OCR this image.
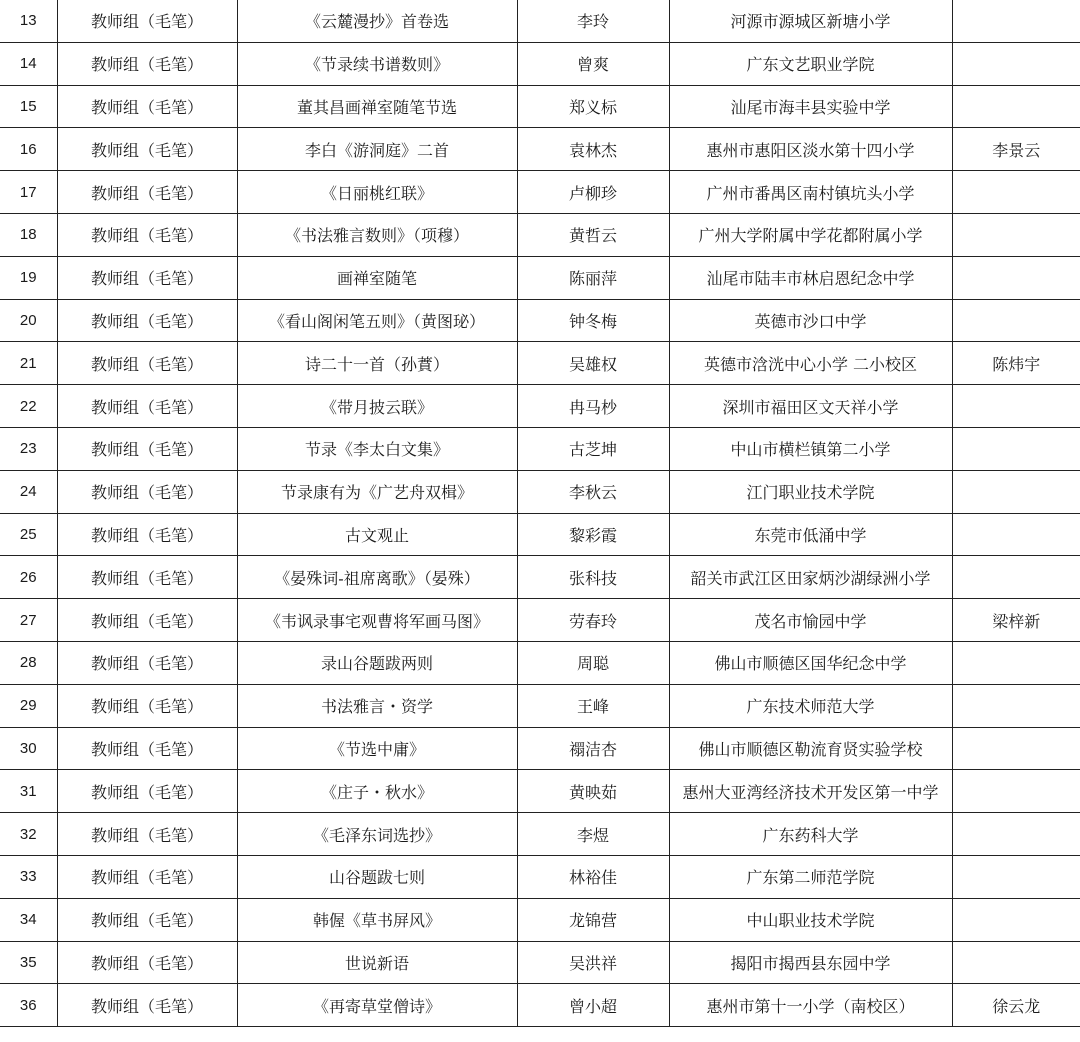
13	教师组（毛笔）	《云麓漫抄》首卷选	李玲	河源市源城区新塘小学	
14	教师组（毛笔）	《节录续书谱数则》	曾爽	广东文艺职业学院	
15	教师组（毛笔）	董其昌画禅室随笔节选	郑义标	汕尾市海丰县实验中学	
16	教师组（毛笔）	李白《游洞庭》二首	袁林杰	惠州市惠阳区淡水第十四小学	李景云
17	教师组（毛笔）	《日丽桃红联》	卢柳珍	广州市番禺区南村镇坑头小学	
18	教师组（毛笔）	《书法雅言数则》（项穆）	黄哲云	广州大学附属中学花都附属小学	
19	教师组（毛笔）	画禅室随笔	陈丽萍	汕尾市陆丰市林启恩纪念中学	
20	教师组（毛笔）	《看山阁闲笔五则》（黄图珌）	钟冬梅	英德市沙口中学	
21	教师组（毛笔）	诗二十一首（孙蕡）	吴雄权	英德市浛洸中心小学 二小校区	陈炜宇
22	教师组（毛笔）	《带月披云联》	冉马杪	深圳市福田区文天祥小学	
23	教师组（毛笔）	节录《李太白文集》	古芝坤	中山市横栏镇第二小学	
24	教师组（毛笔）	节录康有为《广艺舟双楫》	李秋云	江门职业技术学院	
25	教师组（毛笔）	古文观止	黎彩霞	东莞市低涌中学	
26	教师组（毛笔）	《晏殊词-祖席离歌》（晏殊）	张科技	韶关市武江区田家炳沙湖绿洲小学	
27	教师组（毛笔）	《韦讽录事宅观曹将军画马图》	劳春玲	茂名市愉园中学	梁梓新
28	教师组（毛笔）	录山谷题跋两则	周聪	佛山市顺德区国华纪念中学	
29	教师组（毛笔）	书法雅言・资学	王峰	广东技术师范大学	
30	教师组（毛笔）	《节选中庸》	禤洁杏	佛山市顺德区勒流育贤实验学校	
31	教师组（毛笔）	《庄子・秋水》	黄映茹	惠州大亚湾经济技术开发区第一中学	
32	教师组（毛笔）	《毛泽东词选抄》	李煜	广东药科大学	
33	教师组（毛笔）	山谷题跋七则	林裕佳	广东第二师范学院	
34	教师组（毛笔）	韩偓《草书屏风》	龙锦营	中山职业技术学院	
35	教师组（毛笔）	世说新语	吴洪祥	揭阳市揭西县东园中学	
36	教师组（毛笔）	《再寄草堂僧诗》	曾小超	惠州市第十一小学（南校区）	徐云龙
